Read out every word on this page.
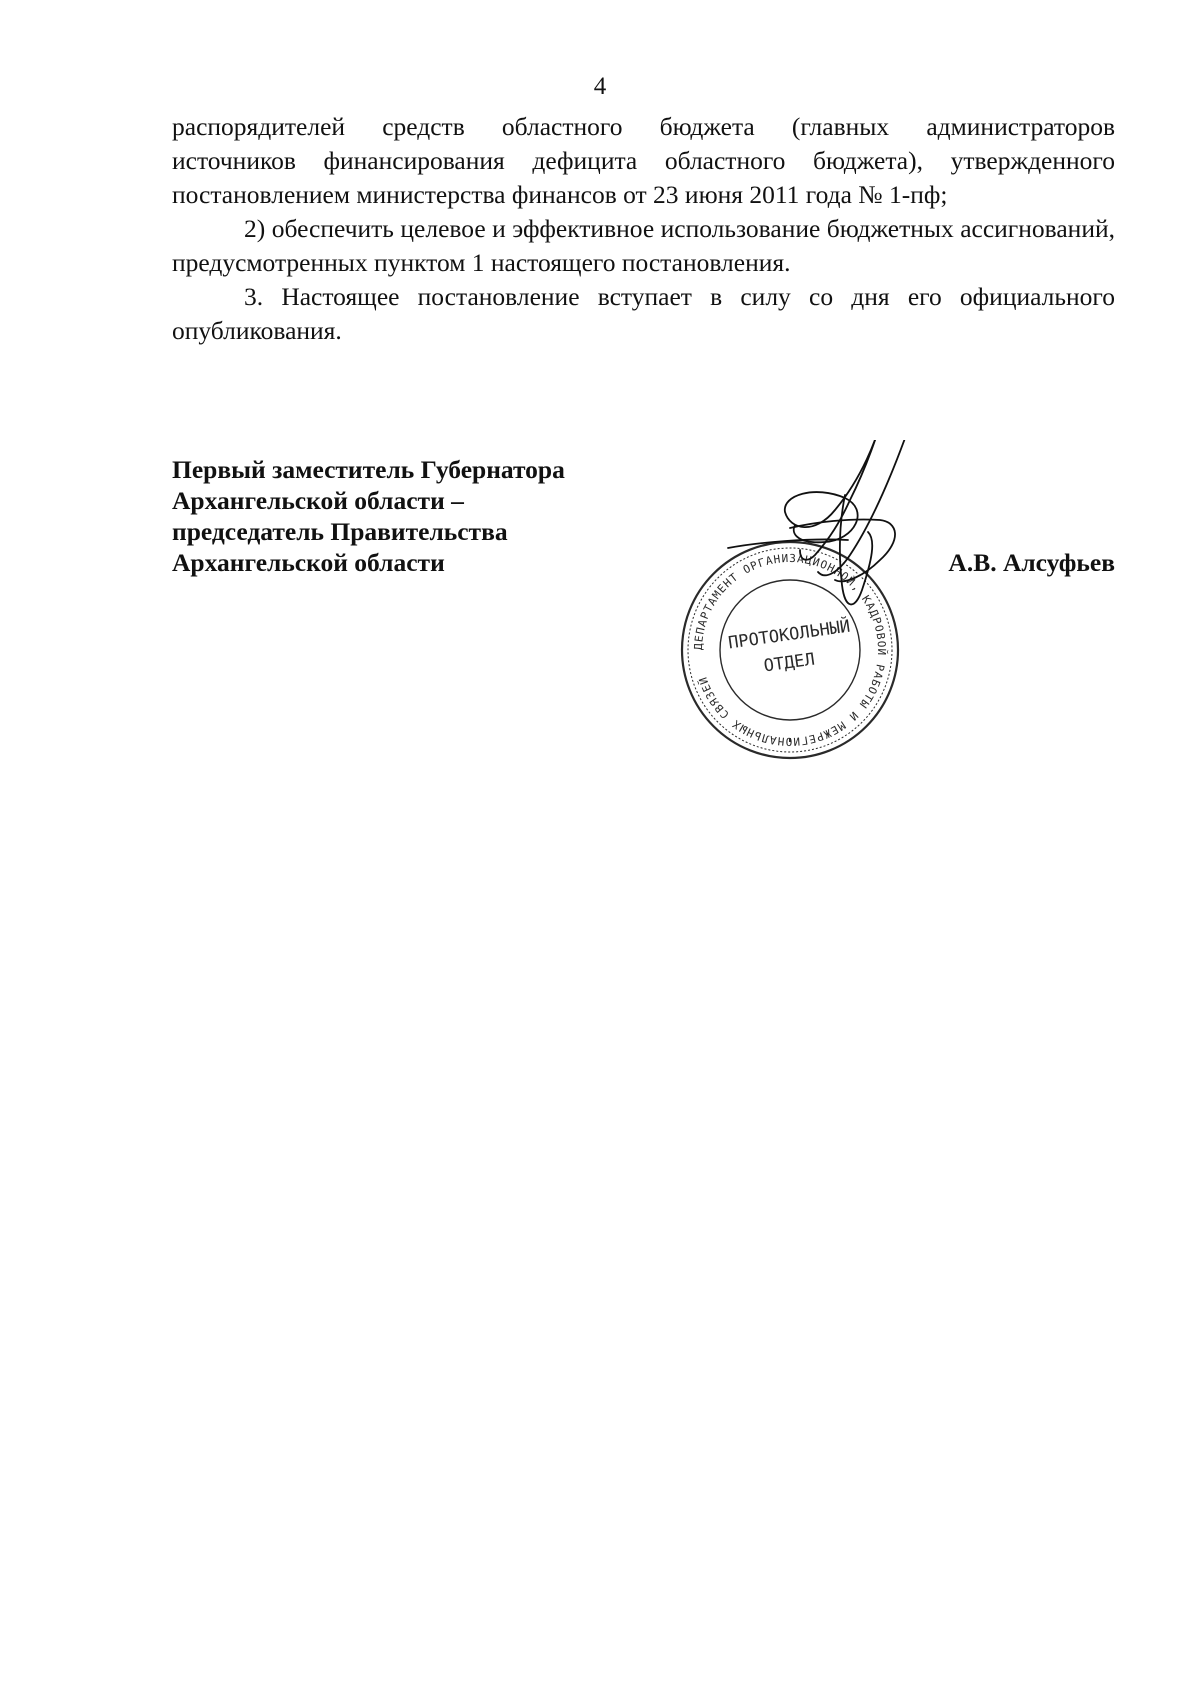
4

распорядителей средств областного бюджета (главных администраторов

источников финансирования дефицита областного бюджета), утвержденного

постановлением министерства финансов от 23 июня 2011 года № 1-пф;

2) обеспечить целевое и эффективное использование бюджетных ассигнований, предусмотренных пунктом 1 настоящего постановления.

3. Настоящее постановление вступает в силу со дня его официального опубликования.

Первый заместитель Губернатора
Архангельской области –
председатель Правительства
Архангельской области	А.В. Алсуфьев

ДЕПАРТАМЕНТ ОРГАНИЗАЦИОННОЙ, КАДРОВОЙ РАБОТЫ И МЕЖРЕГИОНАЛЬНЫХ СВЯЗЕЙ
ПРОТОКОЛЬНЫЙ
ОТДЕЛ
